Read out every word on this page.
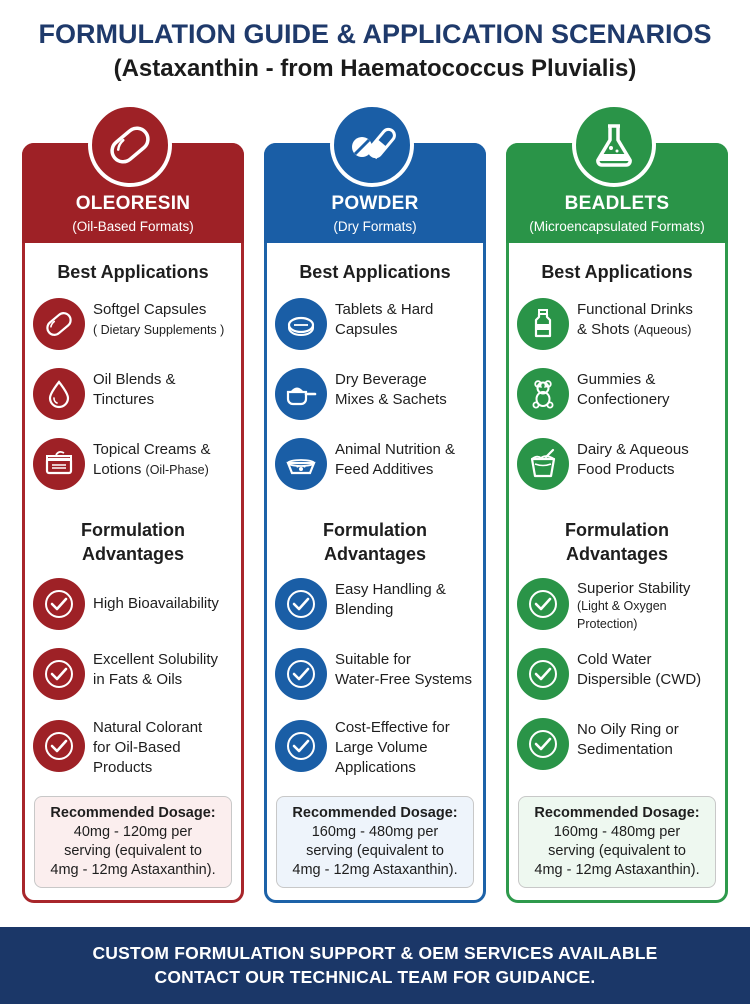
FORMULATION GUIDE & APPLICATION SCENARIOS
(Astaxanthin - from Haematococcus Pluvialis)
OLEORESIN
(Oil-Based Formats)
Best Applications
Softgel Capsules
( Dietary Supplements )
Oil Blends &
Tinctures
Topical Creams &
Lotions (Oil-Phase)
Formulation
Advantages
High Bioavailability
Excellent Solubility
in Fats & Oils
Natural Colorant
for Oil-Based
Products
Recommended Dosage:
40mg - 120mg per
serving (equivalent to
4mg - 12mg Astaxanthin).
POWDER
(Dry Formats)
Best Applications
Tablets & Hard
Capsules
Dry Beverage
Mixes & Sachets
Animal Nutrition &
Feed Additives
Formulation
Advantages
Easy Handling &
Blending
Suitable for
Water-Free Systems
Cost-Effective for
Large Volume
Applications
Recommended Dosage:
160mg - 480mg per
serving (equivalent to
4mg - 12mg Astaxanthin).
BEADLETS
(Microencapsulated Formats)
Best Applications
Functional Drinks
& Shots (Aqueous)
Gummies &
Confectionery
Dairy & Aqueous
Food Products
Formulation
Advantages
Superior Stability
(Light & Oxygen
Protection)
Cold Water
Dispersible (CWD)
No Oily Ring or
Sedimentation
Recommended Dosage:
160mg - 480mg per
serving (equivalent to
4mg - 12mg Astaxanthin).
CUSTOM FORMULATION SUPPORT & OEM SERVICES AVAILABLE
CONTACT OUR TECHNICAL TEAM FOR GUIDANCE.
